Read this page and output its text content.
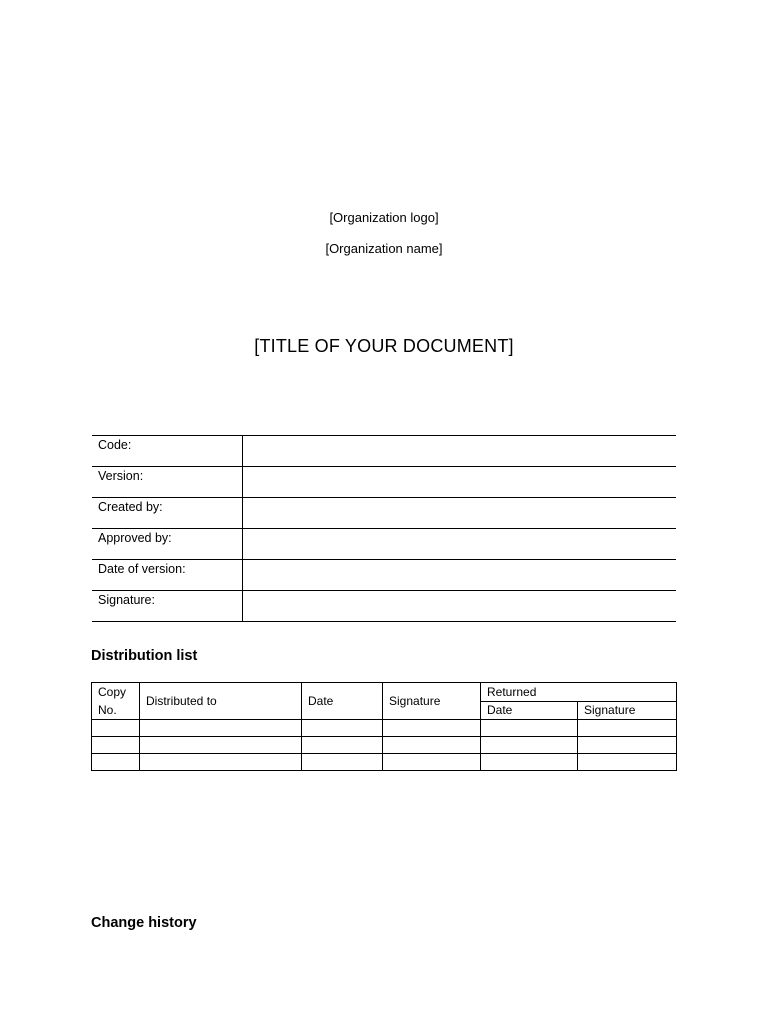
[Organization logo]
[Organization name]
[TITLE OF YOUR DOCUMENT]
Code:	
Version:	
Created by:	
Approved by:	
Date of version:	
Signature:	
Distribution list
Copy
No.	Distributed to	Date	Signature	Returned	
				Date	Signature

Change history
